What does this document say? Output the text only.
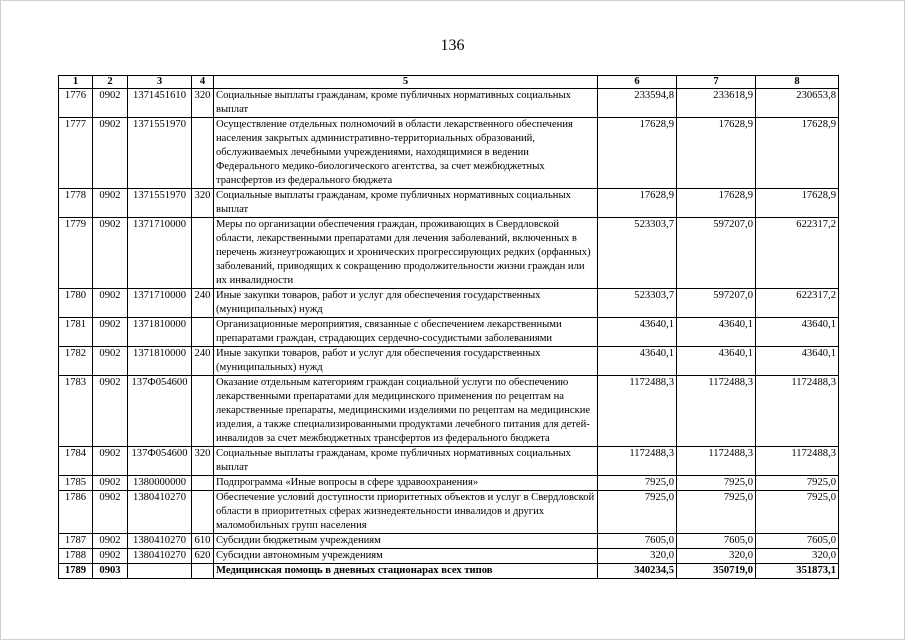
136
1	2	3	4	5	6	7	8
1776	0902	1371451610	320	Социальные выплаты гражданам, кроме публичных нормативных социальных выплат	233594,8	233618,9	230653,8
1777	0902	1371551970		Осуществление отдельных полномочий в области лекарственного обеспечения населения закрытых административно-территориальных образований, обслуживаемых лечебными учреждениями, находящимися в ведении Федерального медико-биологического агентства, за счет межбюджетных трансфертов из федерального бюджета	17628,9	17628,9	17628,9
1778	0902	1371551970	320	Социальные выплаты гражданам, кроме публичных нормативных социальных выплат	17628,9	17628,9	17628,9
1779	0902	1371710000		Меры по организации обеспечения граждан, проживающих в Свердловской области, лекарственными препаратами для лечения заболеваний, включенных в перечень жизнеугрожающих и хронических прогрессирующих редких (орфанных) заболеваний, приводящих к сокращению продолжительности жизни граждан или их инвалидности	523303,7	597207,0	622317,2
1780	0902	1371710000	240	Иные закупки товаров, работ и услуг для обеспечения государственных (муниципальных) нужд	523303,7	597207,0	622317,2
1781	0902	1371810000		Организационные мероприятия, связанные с обеспечением лекарственными препаратами граждан, страдающих сердечно-сосудистыми заболеваниями	43640,1	43640,1	43640,1
1782	0902	1371810000	240	Иные закупки товаров, работ и услуг для обеспечения государственных (муниципальных) нужд	43640,1	43640,1	43640,1
1783	0902	137Ф054600		Оказание отдельным категориям граждан социальной услуги по обеспечению лекарственными препаратами для медицинского применения по рецептам на лекарственные препараты, медицинскими изделиями по рецептам на медицинские изделия, а также специализированными продуктами лечебного питания для детей-инвалидов за счет межбюджетных трансфертов из федерального бюджета	1172488,3	1172488,3	1172488,3
1784	0902	137Ф054600	320	Социальные выплаты гражданам, кроме публичных нормативных социальных выплат	1172488,3	1172488,3	1172488,3
1785	0902	1380000000		Подпрограмма «Иные вопросы в сфере здравоохранения»	7925,0	7925,0	7925,0
1786	0902	1380410270		Обеспечение условий доступности приоритетных объектов и услуг в Свердловской области в приоритетных сферах жизнедеятельности инвалидов и других маломобильных групп населения	7925,0	7925,0	7925,0
1787	0902	1380410270	610	Субсидии бюджетным учреждениям	7605,0	7605,0	7605,0
1788	0902	1380410270	620	Субсидии автономным учреждениям	320,0	320,0	320,0
1789	0903			Медицинская помощь в дневных стационарах всех типов	340234,5	350719,0	351873,1
